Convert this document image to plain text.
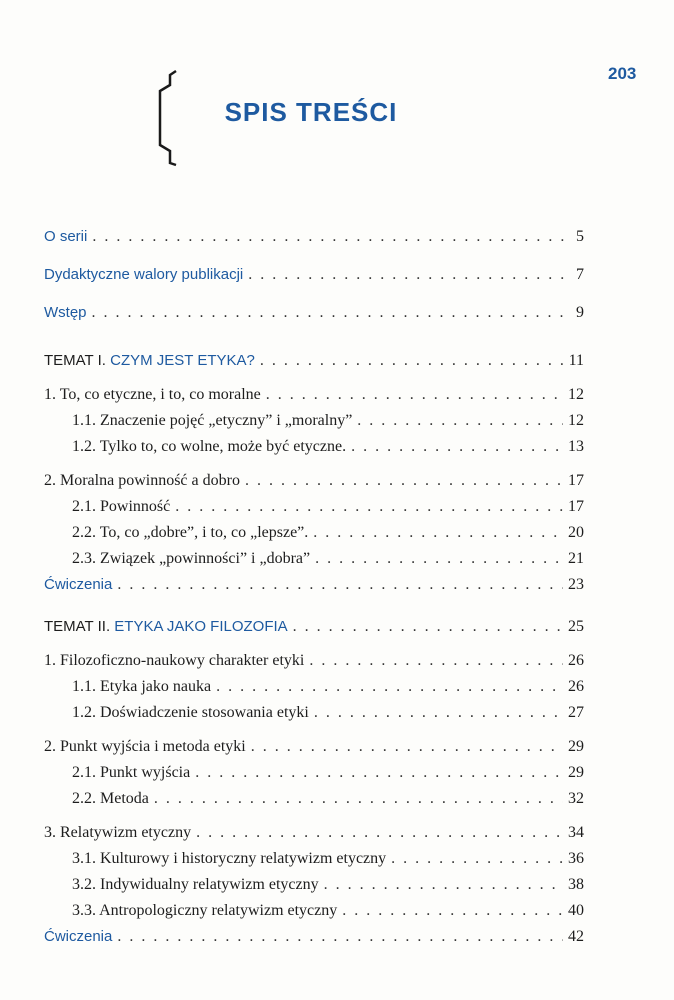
203
SPIS TREŚCI
O serii . . .	5
Dydaktyczne walory publikacji . . .	7
Wstęp . . .	9
TEMAT I. CZYM JEST ETYKA? . . .	11
1. To, co etyczne, i to, co moralne . . .	12
1.1. Znaczenie pojęć „etyczny” i „moralny” . . .	12
1.2. Tylko to, co wolne, może być etyczne. . . .	13
2. Moralna powinność a dobro . . .	17
2.1. Powinność . . .	17
2.2. To, co „dobre”, i to, co „lepsze”. . . .	20
2.3. Związek „powinności” i „dobra” . . .	21
Ćwiczenia . . .	23
TEMAT II. ETYKA JAKO FILOZOFIA . . .	25
1. Filozoficzno-naukowy charakter etyki . . .	26
1.1. Etyka jako nauka . . .	26
1.2. Doświadczenie stosowania etyki . . .	27
2. Punkt wyjścia i metoda etyki . . .	29
2.1. Punkt wyjścia . . .	29
2.2. Metoda . . .	32
3. Relatywizm etyczny . . .	34
3.1. Kulturowy i historyczny relatywizm etyczny . . .	36
3.2. Indywidualny relatywizm etyczny . . .	38
3.3. Antropologiczny relatywizm etyczny . . .	40
Ćwiczenia . . .	42
